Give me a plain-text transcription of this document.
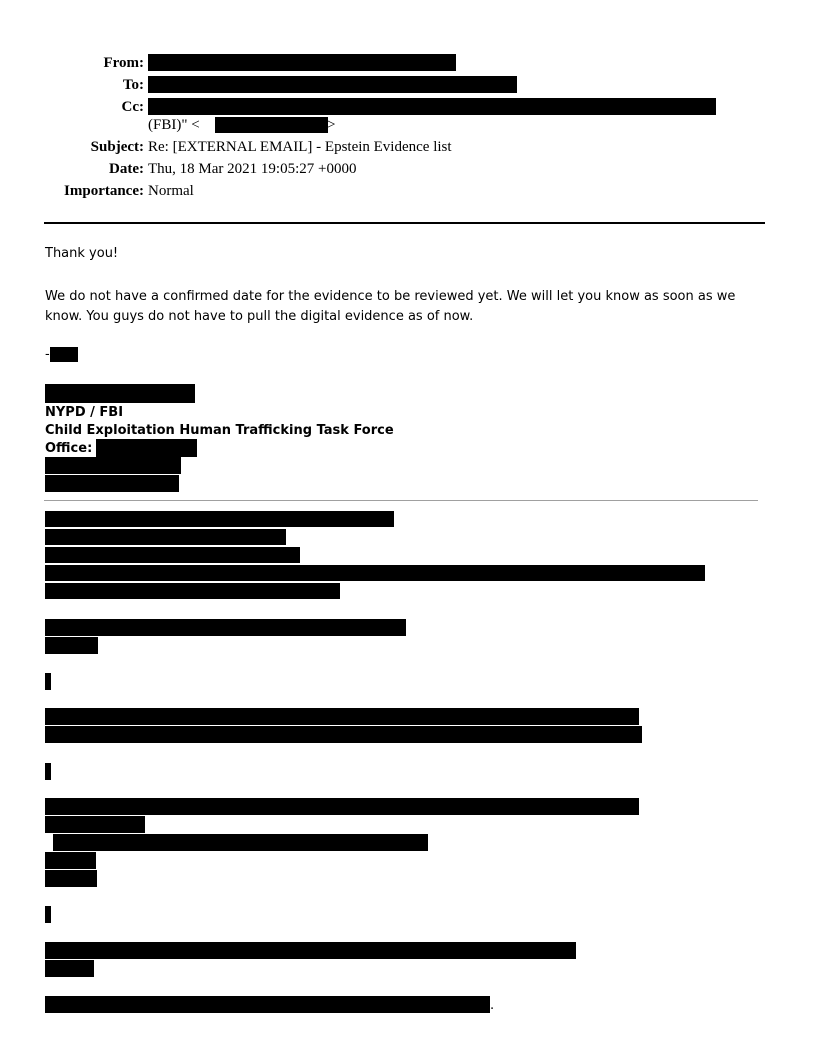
From:
To:
Cc:
(FBI)" <	>
Subject: Re: [EXTERNAL EMAIL] - Epstein Evidence list
Date: Thu, 18 Mar 2021 19:05:27 +0000
Importance: Normal
Thank you!
We do not have a confirmed date for the evidence to be reviewed yet. We will let you know as soon as we know. You guys do not have to pull the digital evidence as of now.
-
NYPD / FBI
Child Exploitation Human Trafficking Task Force
Office:
.
